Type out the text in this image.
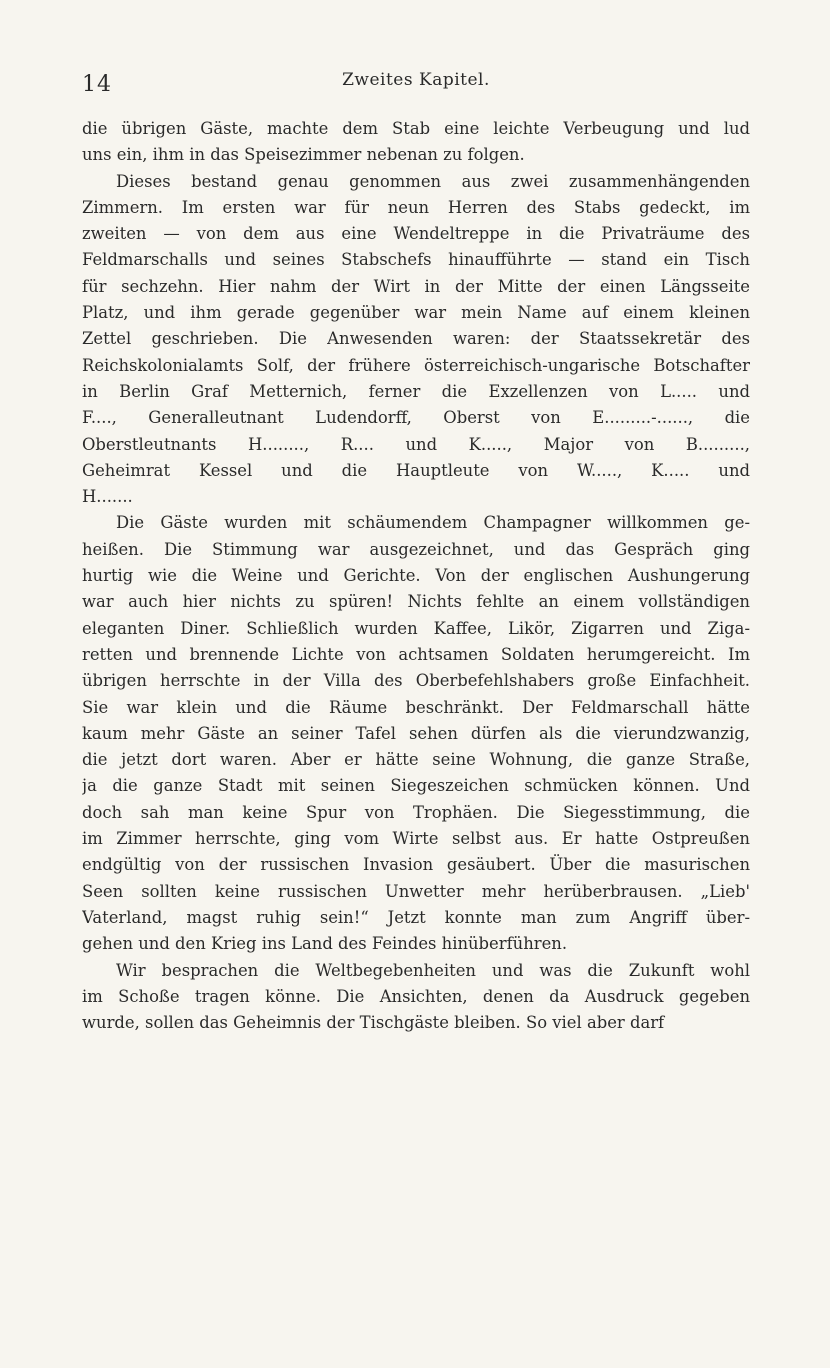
14	Zweites Kapitel.
die übrigen Gäste, machte dem Stab eine leichte Verbeugung und lud
uns ein, ihm in das Speisezimmer nebenan zu folgen.
Dieses bestand genau genommen aus zwei zusammenhängenden
Zimmern. Im ersten war für neun Herren des Stabs gedeckt, im
zweiten — von dem aus eine Wendeltreppe in die Privaträume des
Feldmarschalls und seines Stabschefs hinaufführte — stand ein Tisch
für sechzehn. Hier nahm der Wirt in der Mitte der einen Längsseite
Platz, und ihm gerade gegenüber war mein Name auf einem kleinen
Zettel geschrieben. Die Anwesenden waren: der Staatssekretär des
Reichskolonialamts Solf, der frühere österreichisch-ungarische Botschafter
in Berlin Graf Metternich, ferner die Exzellenzen von L..... und
F...., Generalleutnant Ludendorff, Oberst von E.........-......, die
Oberstleutnants H........, R.... und K....., Major von B.........,
Geheimrat Kessel und die Hauptleute von W....., K..... und
H.......
Die Gäste wurden mit schäumendem Champagner willkommen ge-
heißen. Die Stimmung war ausgezeichnet, und das Gespräch ging
hurtig wie die Weine und Gerichte. Von der englischen Aushungerung
war auch hier nichts zu spüren! Nichts fehlte an einem vollständigen
eleganten Diner. Schließlich wurden Kaffee, Likör, Zigarren und Ziga-
retten und brennende Lichte von achtsamen Soldaten herumgereicht. Im
übrigen herrschte in der Villa des Oberbefehlshabers große Einfachheit.
Sie war klein und die Räume beschränkt. Der Feldmarschall hätte
kaum mehr Gäste an seiner Tafel sehen dürfen als die vierundzwanzig,
die jetzt dort waren. Aber er hätte seine Wohnung, die ganze Straße,
ja die ganze Stadt mit seinen Siegeszeichen schmücken können. Und
doch sah man keine Spur von Trophäen. Die Siegesstimmung, die
im Zimmer herrschte, ging vom Wirte selbst aus. Er hatte Ostpreußen
endgültig von der russischen Invasion gesäubert. Über die masurischen
Seen sollten keine russischen Unwetter mehr herüberbrausen. „Lieb'
Vaterland, magst ruhig sein!“ Jetzt konnte man zum Angriff über-
gehen und den Krieg ins Land des Feindes hinüberführen.
Wir besprachen die Weltbegebenheiten und was die Zukunft wohl
im Schoße tragen könne. Die Ansichten, denen da Ausdruck gegeben
wurde, sollen das Geheimnis der Tischgäste bleiben. So viel aber darf
